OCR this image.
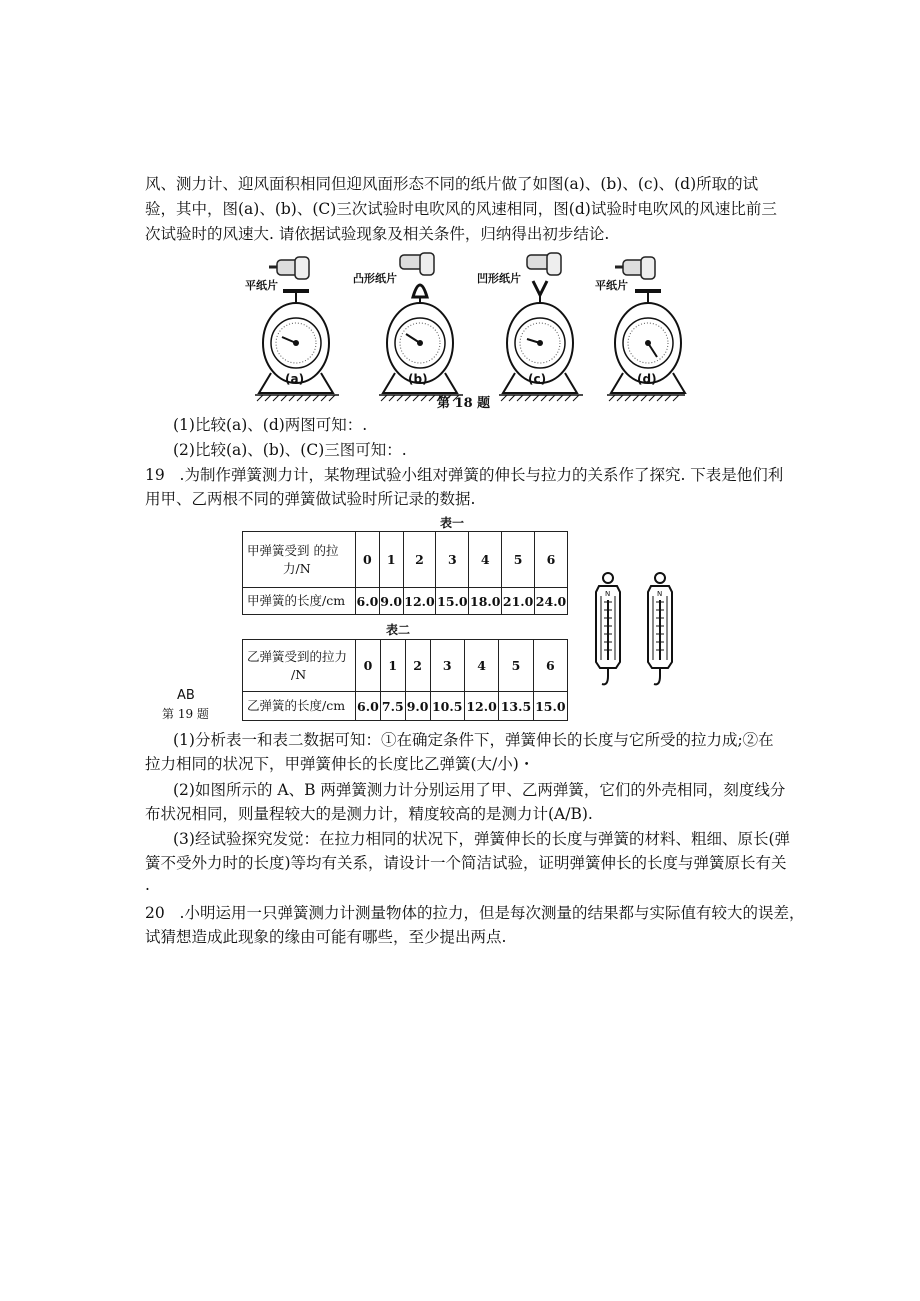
风、测力计、迎风面积相同但迎风面形态不同的纸片做了如图(a)、(b)、(c)、(d)所取的试
验，其中，图(a)、(b)、(C)三次试验时电吹风的风速相同，图(d)试验时电吹风的风速比前三
次试验时的风速大. 请依据试验现象及相关条件，归纳得出初步结论.
平纸片
凸形纸片	凹形纸片
平纸片
(a)	(b)	(c)	(d)
第 18 题
(1)比较(a)、(d)两图可知：.
(2)比较(a)、(b)、(C)三图可知：.
19 .为制作弹簧测力计，某物理试验小组对弹簧的伸长与拉力的关系作了探究. 下表是他们利
用甲、乙两根不同的弹簧做试验时所记录的数据.
表一
甲弹簧受到 的拉
力/N	0	1	2	3	4	5	6
甲弹簧的长度/cm	6.0	9.0	12.0	15.0	18.0	21.0	24.0
表二
乙弹簧受到的拉力
/N	0	1	2	3	4	5	6
乙弹簧的长度/cm	6.0	7.5	9.0	10.5	12.0	13.5	15.0
AB
第 19 题
N	N
(1)分析表一和表二数据可知：①在确定条件下，弹簧伸长的长度与它所受的拉力成;②在
拉力相同的状况下，甲弹簧伸长的长度比乙弹簧(大/小)・
(2)如图所示的 A、B 两弹簧测力计分别运用了甲、乙两弹簧，它们的外壳相同，刻度线分
布状况相同，则量程较大的是测力计，精度较高的是测力计(A/B).
(3)经试验探究发觉：在拉力相同的状况下，弹簧伸长的长度与弹簧的材料、粗细、原长(弹
簧不受外力时的长度)等均有关系，请设计一个简洁试验，证明弹簧伸长的长度与弹簧原长有关
.
20 .小明运用一只弹簧测力计测量物体的拉力，但是每次测量的结果都与实际值有较大的误差，
试猜想造成此现象的缘由可能有哪些，至少提出两点.
